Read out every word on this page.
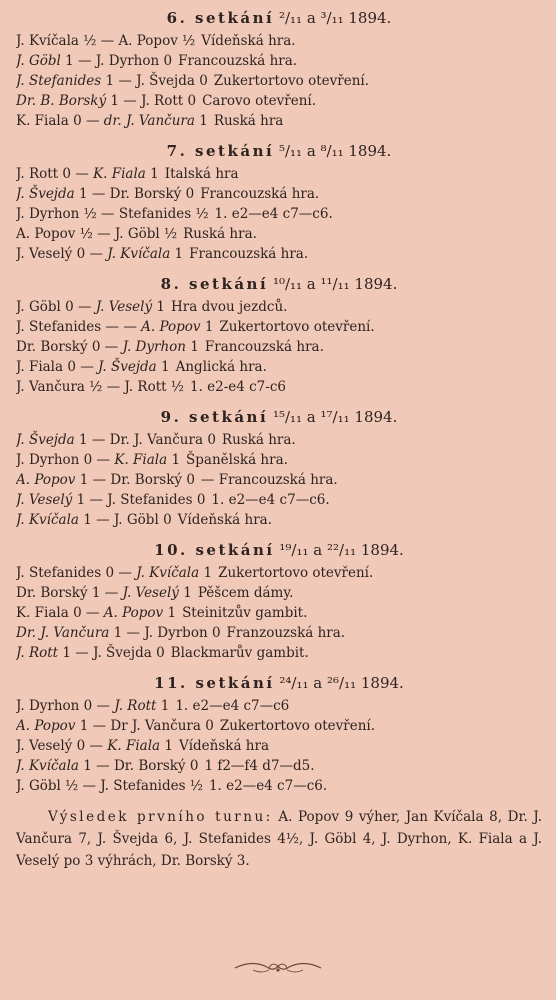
6. setkání ²/₁₁ a ³/₁₁ 1894.
J. Kvíčala ½ — A. Popov ½ Vídeňská hra.
J. Göbl 1 — J. Dyrhon 0 Francouzská hra.
J. Stefanides 1 — J. Švejda 0 Zukertortovo otevření.
Dr. B. Borský 1 — J. Rott 0 Carovo otevření.
K. Fiala 0 — dr. J. Vančura 1 Ruská hra
7. setkání ⁵/₁₁ a ⁸/₁₁ 1894.
J. Rott 0 — K. Fiala 1 Italská hra
J. Švejda 1 — Dr. Borský 0 Francouzská hra.
J. Dyrhon ½ — Stefanides ½ 1. e2—e4 c7—c6.
A. Popov ½ — J. Göbl ½ Ruská hra.
J. Veselý 0 — J. Kvíčala 1 Francouzská hra.
8. setkání ¹⁰/₁₁ a ¹¹/₁₁ 1894.
J. Göbl 0 — J. Veselý 1 Hra dvou jezdců.
J. Stefanides — — A. Popov 1 Zukertortovo otevření.
Dr. Borský 0 — J. Dyrhon 1 Francouzská hra.
J. Fiala 0 — J. Švejda 1 Anglická hra.
J. Vančura ½ — J. Rott ½ 1. e2-e4 c7-c6
9. setkání ¹⁵/₁₁ a ¹⁷/₁₁ 1894.
J. Švejda 1 — Dr. J. Vančura 0 Ruská hra.
J. Dyrhon 0 — K. Fiala 1 Španělská hra.
A. Popov 1 — Dr. Borský 0 — Francouzská hra.
J. Veselý 1 — J. Stefanides 0 1. e2—e4 c7—c6.
J. Kvíčala 1 — J. Göbl 0 Vídeňská hra.
10. setkání ¹⁹/₁₁ a ²²/₁₁ 1894.
J. Stefanides 0 — J. Kvíčala 1 Zukertortovo otevření.
Dr. Borský 1 — J. Veselý 1 Pěšcem dámy.
K. Fiala 0 — A. Popov 1 Steinitzův gambit.
Dr. J. Vančura 1 — J. Dyrbon 0 Franzouzská hra.
J. Rott 1 — J. Švejda 0 Blackmarův gambit.
11. setkání ²⁴/₁₁ a ²⁶/₁₁ 1894.
J. Dyrhon 0 — J. Rott 1 1. e2—e4 c7—c6
A. Popov 1 — Dr J. Vančura 0 Zukertortovo otevření.
J. Veselý 0 — K. Fiala 1 Vídeňská hra
J. Kvíčala 1 — Dr. Borský 0 1 f2—f4 d7—d5.
J. Göbl ½ — J. Stefanides ½ 1. e2—e4 c7—c6.

Výsledek prvního turnu: A. Popov 9 výher, Jan Kvíčala 8, Dr. J. Vančura 7, J. Švejda 6, J. Stefanides 4½, J. Göbl 4, J. Dyrhon, K. Fiala a J. Veselý po 3 výhrách, Dr. Borský 3.
